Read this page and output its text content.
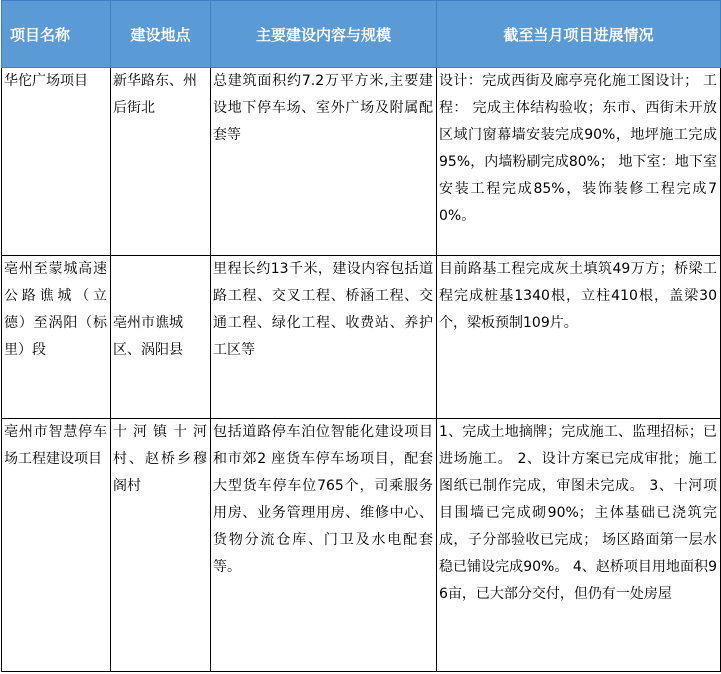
项目名称	建设地点	主要建设内容与规模	截至当月项目进展情况
华佗广场项目	新华路东、州后街北	总建筑面积约7.2万平方米,主要建设地下停车场、室外广场及附属配套等	设计：完成西街及廊亭亮化施工图设计； 工程： 完成主体结构验收；东市、西街未开放区域门窗幕墙安装完成90%，地坪施工完成95%，内墙粉刷完成80%； 地下室：地下室安装工程完成85%，装饰装修工程完成70%。
亳州至蒙城高速公路谯城（立德）至涡阳（标里）段	亳州市谯城区、涡阳县	里程长约13千米，建设内容包括道路工程、交叉工程、桥涵工程、交通工程、绿化工程、收费站、养护工区等	目前路基工程完成灰土填筑49万方；桥梁工程完成桩基1340根，立柱410根，盖梁30个，梁板预制109片。
亳州市智慧停车场工程建设项目	十河镇十河村、赵桥乡穆阁村	包括道路停车泊位智能化建设项目和市郊2 座货车停车场项目，配套大型货车停车位765个，司乘服务用房、业务管理用房、维修中心、货物分流仓库、门卫及水电配套等。	1、完成土地摘牌；完成施工、监理招标；已进场施工。 2、设计方案已完成审批；施工图纸已制作完成，审图未完成。 3、十河项目围墙已完成砌90%；主体基础已浇筑完成，子分部验收已完成； 场区路面第一层水稳已铺设完成90%。 4、赵桥项目用地面积96亩，已大部分交付，但仍有一处房屋
